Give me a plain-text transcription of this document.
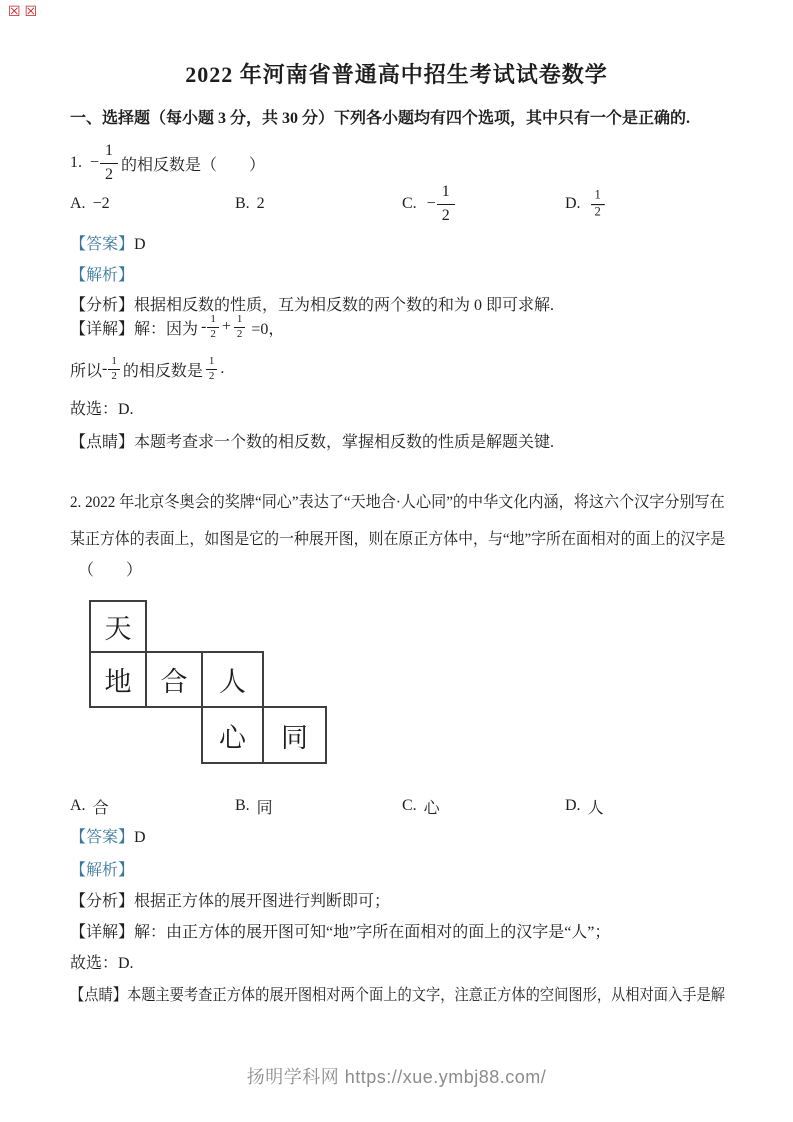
☒☒
2022 年河南省普通高中招生考试试卷数学
一、选择题（每小题 3 分，共 30 分）下列各小题均有四个选项，其中只有一个是正确的.
1. − $\frac{1}{2}$ 的相反数是（　　）
A. −2	B. 2	C. − $\frac{1}{2}$	D. $\frac{1}{2}$
【答案】D
【解析】
【分析】根据相反数的性质，互为相反数的两个数的和为 0 即可求解.
【详解】解：因为 - $\frac{1}{2} + \frac{1}{2} =0$，
所以 - $\frac{1}{2}$ 的相反数是 $\frac{1}{2}$ .
故选：D.
【点睛】本题考查求一个数的相反数，掌握相反数的性质是解题关键.
2. 2022 年北京冬奥会的奖牌“同心”表达了“天地合·人心同”的中华文化内涵，将这六个汉字分别写在
某正方体的表面上，如图是它的一种展开图，则在原正方体中，与“地”字所在面相对的面上的汉字是
（　　）
天
地	合	人
心	同
A. 合	B. 同	C. 心	D. 人
【答案】D
【解析】
【分析】根据正方体的展开图进行判断即可；
【详解】解：由正方体的展开图可知“地”字所在面相对的面上的汉字是“人”；
故选：D.
【点睛】本题主要考查正方体的展开图相对两个面上的文字，注意正方体的空间图形，从相对面入手是解
扬明学科网 https://xue.ymbj88.com/
